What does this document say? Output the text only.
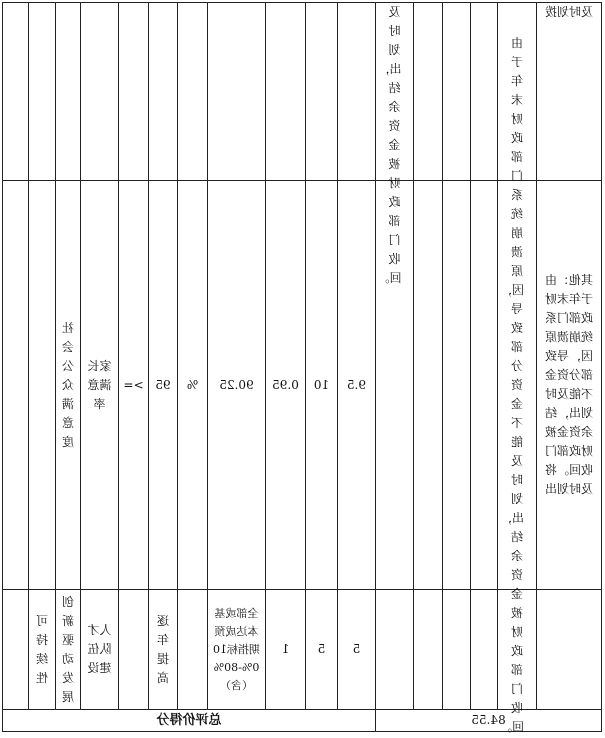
及时划拨
及时划出，结余资金被财政部门收回。	其他：由于年末财政部门系统崩溃原因，导致部分资金不能及时划出，结余资金被财政部门收回。将及时划出
由于年末财政部门系统崩溃原因，导致部分资金不能及时划出，结余资金被财政部门收回。
9.5
10
0.95
90.25
%
95
>=
家长满意率
社会公众满意度
5
5
1
全部或基本达成预期指标100%-80%（含）
逐年提高
人才队伍建设
创新驱动发展
可持续性
总评价得分	84.55
